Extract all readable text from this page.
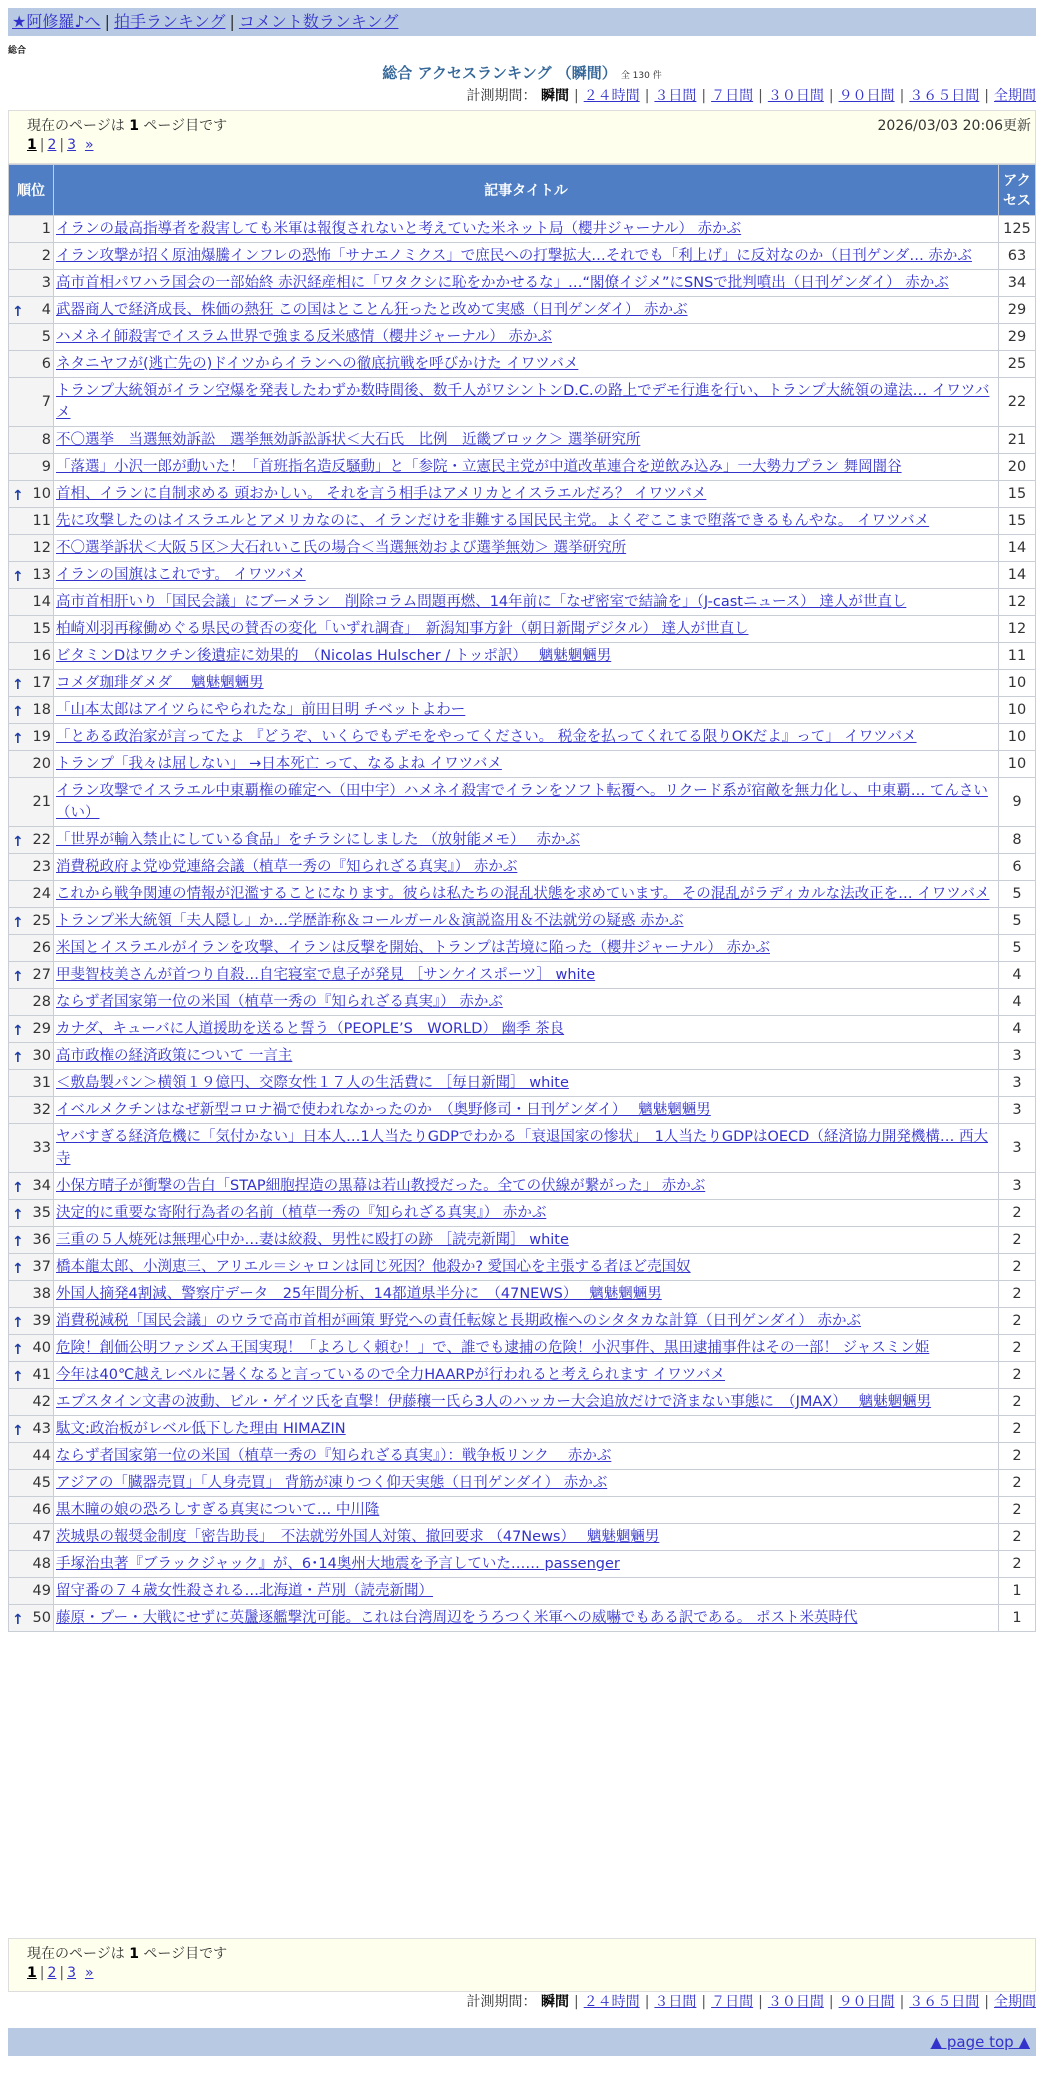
★阿修羅♪へ | 拍手ランキング | コメント数ランキング
総合
総合 アクセスランキング （瞬間） 全 130 件
計測期間： 瞬間 | ２４時間 | ３日間 | ７日間 | ３０日間 | ９０日間 | ３６５日間 | 全期間
現在のページは 1 ページ目です	2026/03/03 20:06更新
1 | 2 | 3 »
順位	記事タイトル	アクセス
1	イランの最高指導者を殺害しても米軍は報復されないと考えていた米ネット局（櫻井ジャーナル） 赤かぶ	125
2	イラン攻撃が招く原油爆騰インフレの恐怖「サナエノミクス」で庶民への打撃拡大…それでも「利上げ」に反対なのか（日刊ゲンダ… 赤かぶ	63
3	高市首相パワハラ国会の一部始終 赤沢経産相に「ワタクシに恥をかかせるな」…“閣僚イジメ”にSNSで批判噴出（日刊ゲンダイ） 赤かぶ	34

↑ 4	武器商人で経済成長、株価の熱狂 この国はとことん狂ったと改めて実感（日刊ゲンダイ） 赤かぶ	29
5	ハメネイ師殺害でイスラム世界で強まる反米感情（櫻井ジャーナル） 赤かぶ	29
6	ネタニヤフが(逃亡先の)ドイツからイランへの徹底抗戦を呼びかけた イワツバメ	25
7	トランプ大統領がイラン空爆を発表したわずか数時間後、数千人がワシントンD.C.の路上でデモ行進を行い、トランプ大統領の違法… イワツバメ	22
8	不〇選挙　当選無効訴訟　選挙無効訴訟訴状＜大石氏　比例　近畿ブロック＞ 選挙研究所	21
9	「落選」小沢一郎が動いた！「首班指名造反騒動」と「参院・立憲民主党が中道改革連合を逆飲み込み」一大勢力プラン 舞岡闇谷	20

↑ 10	首相、イランに自制求める 頭おかしい。 それを言う相手はアメリカとイスラエルだろ？ イワツバメ	15
11	先に攻撃したのはイスラエルとアメリカなのに、イランだけを非難する国民民主党。よくぞここまで堕落できるもんやな。 イワツバメ	15
12	不〇選挙訴状＜大阪５区＞大石れいこ氏の場合＜当選無効および選挙無効＞ 選挙研究所	14

↑ 13	イランの国旗はこれです。 イワツバメ	14
14	高市首相肝いり「国民会議」にブーメラン　削除コラム問題再燃、14年前に「なぜ密室で結論を」（J-castニュース） 達人が世直し	12
15	柏崎刈羽再稼働めぐる県民の賛否の変化「いずれ調査」　新潟知事方針（朝日新聞デジタル） 達人が世直し	12
16	ビタミンDはワクチン後遺症に効果的　（Nicolas Hulscher / トッポ訳）　 魑魅魍魎男	11

↑ 17	コメダ珈琲ダメダ　 魑魅魍魎男	10

↑ 18	「山本太郎はアイツらにやられたな」前田日明 チベットよわー	10

↑ 19	「とある政治家が言ってたよ 『どうぞ、いくらでもデモをやってください。 税金を払ってくれてる限りOKだよ』って」 イワツバメ	10
20	トランプ「我々は屈しない」 →日本死亡 って、なるよね イワツバメ	10
21	イラン攻撃でイスラエル中東覇権の確定へ（田中宇）ハメネイ殺害でイランをソフト転覆へ。リクード系が宿敵を無力化し、中東覇… てんさい（い）	9

↑ 22	「世界が輸入禁止にしている食品」をチラシにしました （放射能メモ）　 赤かぶ	8
23	消費税政府よ党ゆ党連絡会議（植草一秀の『知られざる真実』） 赤かぶ	6
24	これから戦争関連の情報が氾濫することになります。彼らは私たちの混乱状態を求めています。 その混乱がラディカルな法改正を… イワツバメ	5

↑ 25	トランプ米大統領「夫人隠し」か…学歴詐称＆コールガール＆演説盗用＆不法就労の疑惑 赤かぶ	5
26	米国とイスラエルがイランを攻撃、イランは反撃を開始、トランプは苦境に陥った（櫻井ジャーナル） 赤かぶ	5

↑ 27	甲斐智枝美さんが首つり自殺…自宅寝室で息子が発見 ［サンケイスポーツ］ white	4
28	ならず者国家第一位の米国（植草一秀の『知られざる真実』） 赤かぶ	4

↑ 29	カナダ、キューバに人道援助を送ると誓う（PEOPLE’S　WORLD） 幽季 茶良	4

↑ 30	高市政権の経済政策について 一言主	3
31	＜敷島製パン＞横領１９億円、交際女性１７人の生活費に ［毎日新聞］ white	3
32	イベルメクチンはなぜ新型コロナ禍で使われなかったのか　（奥野修司・日刊ゲンダイ）　 魑魅魍魎男	3
33	ヤバすぎる経済危機に「気付かない」日本人…1人当たりGDPでわかる「衰退国家の惨状」　1人当たりGDPはOECD（経済協力開発機構… 西大寺	3

↑ 34	小保方晴子が衝撃の告白「STAP細胞捏造の黒幕は若山教授だった。全ての伏線が繋がった」 赤かぶ	3

↑ 35	決定的に重要な寄附行為者の名前（植草一秀の『知られざる真実』） 赤かぶ	2

↑ 36	三重の５人焼死は無理心中か…妻は絞殺、男性に殴打の跡 ［読売新聞］ white	2

↑ 37	橋本龍太郎、小渕恵三、アリエル＝シャロンは同じ死因？他殺か? 愛国心を主張する者ほど売国奴	2
38	外国人摘発4割減、警察庁データ　25年間分析、14都道県半分に　（47NEWS）　 魑魅魍魎男	2

↑ 39	消費税減税「国民会議」のウラで高市首相が画策 野党への責任転嫁と長期政権へのシタタカな計算（日刊ゲンダイ） 赤かぶ	2

↑ 40	危険！創価公明ファシズム王国実現！「よろしく頼む！」で、誰でも逮捕の危険！小沢事件、黒田逮捕事件はその一部！ ジャスミン姫	2

↑ 41	今年は40℃越えレベルに暑くなると言っているので全力HAARPが行われると考えられます イワツバメ	2
42	エプスタイン文書の波動、ビル・ゲイツ氏を直撃！伊藤穰一氏ら3人のハッカー大会追放だけで済まない事態に　（JMAX）　 魑魅魍魎男	2

↑ 43	駄文:政治板がレベル低下した理由 HIMAZIN	2
44	ならず者国家第一位の米国（植草一秀の『知られざる真実』）：戦争板リンク　 赤かぶ	2
45	アジアの「臓器売買」「人身売買」 背筋が凍りつく仰天実態（日刊ゲンダイ） 赤かぶ	2
46	黒木瞳の娘の恐ろしすぎる真実について… 中川隆	2
47	茨城県の報奨金制度「密告助長」　不法就労外国人対策、撤回要求 （47News）　 魑魅魍魎男	2
48	手塚治虫著『ブラックジャック』が、6･14奥州大地震を予言していた…… passenger	2
49	留守番の７４歳女性殺される…北海道・芦別（読売新聞）	1

↑ 50	藤原・プー・大戦にせずに英䰕逐艦撃沈可能。これは台湾周辺をうろつく米軍への威嚇でもある訳である。 ポスト米英時代	1
計測期間： 瞬間 | ２４時間 | ３日間 | ７日間 | ３０日間 | ９０日間 | ３６５日間 | 全期間
現在のページは 1 ページ目です
1 | 2 | 3 »
▲ page top ▲
